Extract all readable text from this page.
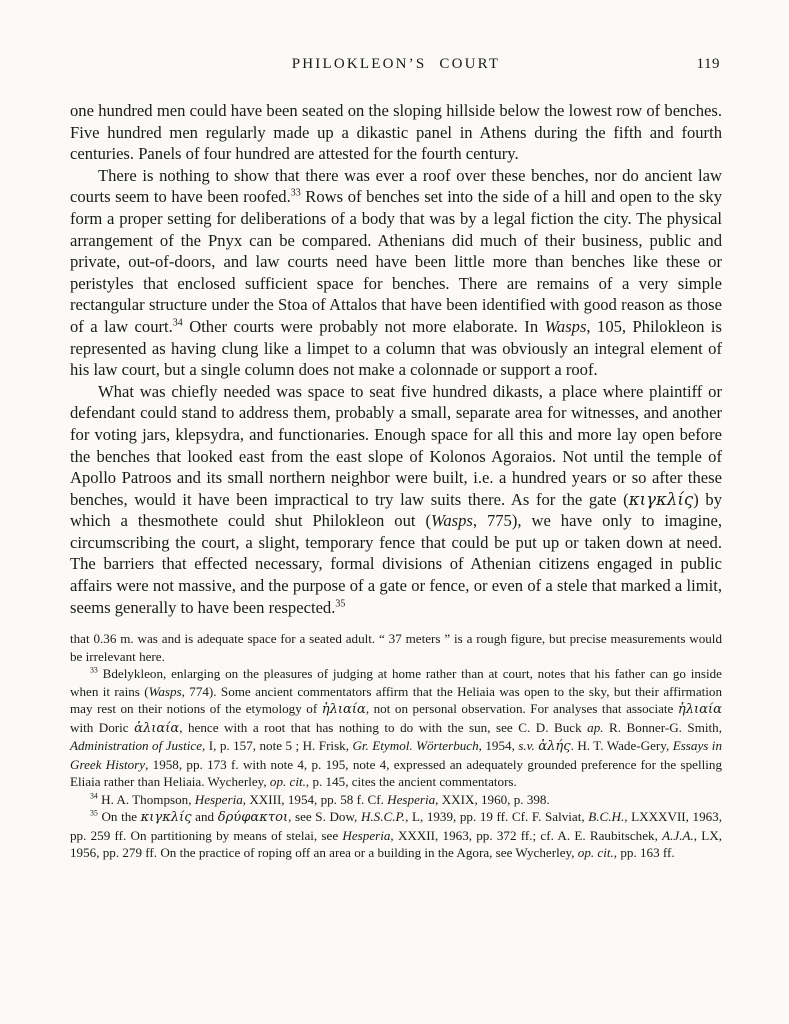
PHILOKLEON’S COURT	119

one hundred men could have been seated on the sloping hillside below the lowest row of benches. Five hundred men regularly made up a dikastic panel in Athens during the fifth and fourth centuries. Panels of four hundred are attested for the fourth century.

There is nothing to show that there was ever a roof over these benches, nor do ancient law courts seem to have been roofed.$^{33}$ Rows of benches set into the side of a hill and open to the sky form a proper setting for deliberations of a body that was by a legal fiction the city. The physical arrangement of the Pnyx can be compared. Athenians did much of their business, public and private, out-of-doors, and law courts need have been little more than benches like these or peristyles that enclosed sufficient space for benches. There are remains of a very simple rectangular structure under the Stoa of Attalos that have been identified with good reason as those of a law court.$^{34}$ Other courts were probably not more elaborate. In Wasps, 105, Philokleon is represented as having clung like a limpet to a column that was obviously an integral element of his law court, but a single column does not make a colonnade or support a roof.

What was chiefly needed was space to seat five hundred dikasts, a place where plaintiff or defendant could stand to address them, probably a small, separate area for witnesses, and another for voting jars, klepsydra, and functionaries. Enough space for all this and more lay open before the benches that looked east from the east slope of Kolonos Agoraios. Not until the temple of Apollo Patroos and its small northern neighbor were built, i.e. a hundred years or so after these benches, would it have been impractical to try law suits there. As for the gate (κιγκλίς) by which a thesmothete could shut Philokleon out (Wasps, 775), we have only to imagine, circumscribing the court, a slight, temporary fence that could be put up or taken down at need. The barriers that effected necessary, formal divisions of Athenian citizens engaged in public affairs were not massive, and the purpose of a gate or fence, or even of a stele that marked a limit, seems generally to have been respected.$^{35}$

that 0.36 m. was and is adequate space for a seated adult. “ 37 meters ” is a rough figure, but precise measurements would be irrelevant here.

$^{33}$ Bdelykleon, enlarging on the pleasures of judging at home rather than at court, notes that his father can go inside when it rains (Wasps, 774). Some ancient commentators affirm that the Heliaia was open to the sky, but their affirmation may rest on their notions of the etymology of ἡλιαία, not on personal observation. For analyses that associate ἡλιαία with Doric ἁλιαία, hence with a root that has nothing to do with the sun, see C. D. Buck ap. R. Bonner-G. Smith, Administration of Justice, I, p. 157, note 5 ; H. Frisk, Gr. Etymol. Wörterbuch, 1954, s.v. ἁλής. H. T. Wade-Gery, Essays in Greek History, 1958, pp. 173 f. with note 4, p. 195, note 4, expressed an adequately grounded preference for the spelling Eliaia rather than Heliaia. Wycherley, op. cit., p. 145, cites the ancient commentators.

$^{34}$ H. A. Thompson, Hesperia, XXIII, 1954, pp. 58 f. Cf. Hesperia, XXIX, 1960, p. 398.

$^{35}$ On the κιγκλίς and δρύφακτοι, see S. Dow, H.S.C.P., L, 1939, pp. 19 ff. Cf. F. Salviat, B.C.H., LXXXVII, 1963, pp. 259 ff. On partitioning by means of stelai, see Hesperia, XXXII, 1963, pp. 372 ff.; cf. A. E. Raubitschek, A.J.A., LX, 1956, pp. 279 ff. On the practice of roping off an area or a building in the Agora, see Wycherley, op. cit., pp. 163 ff.
